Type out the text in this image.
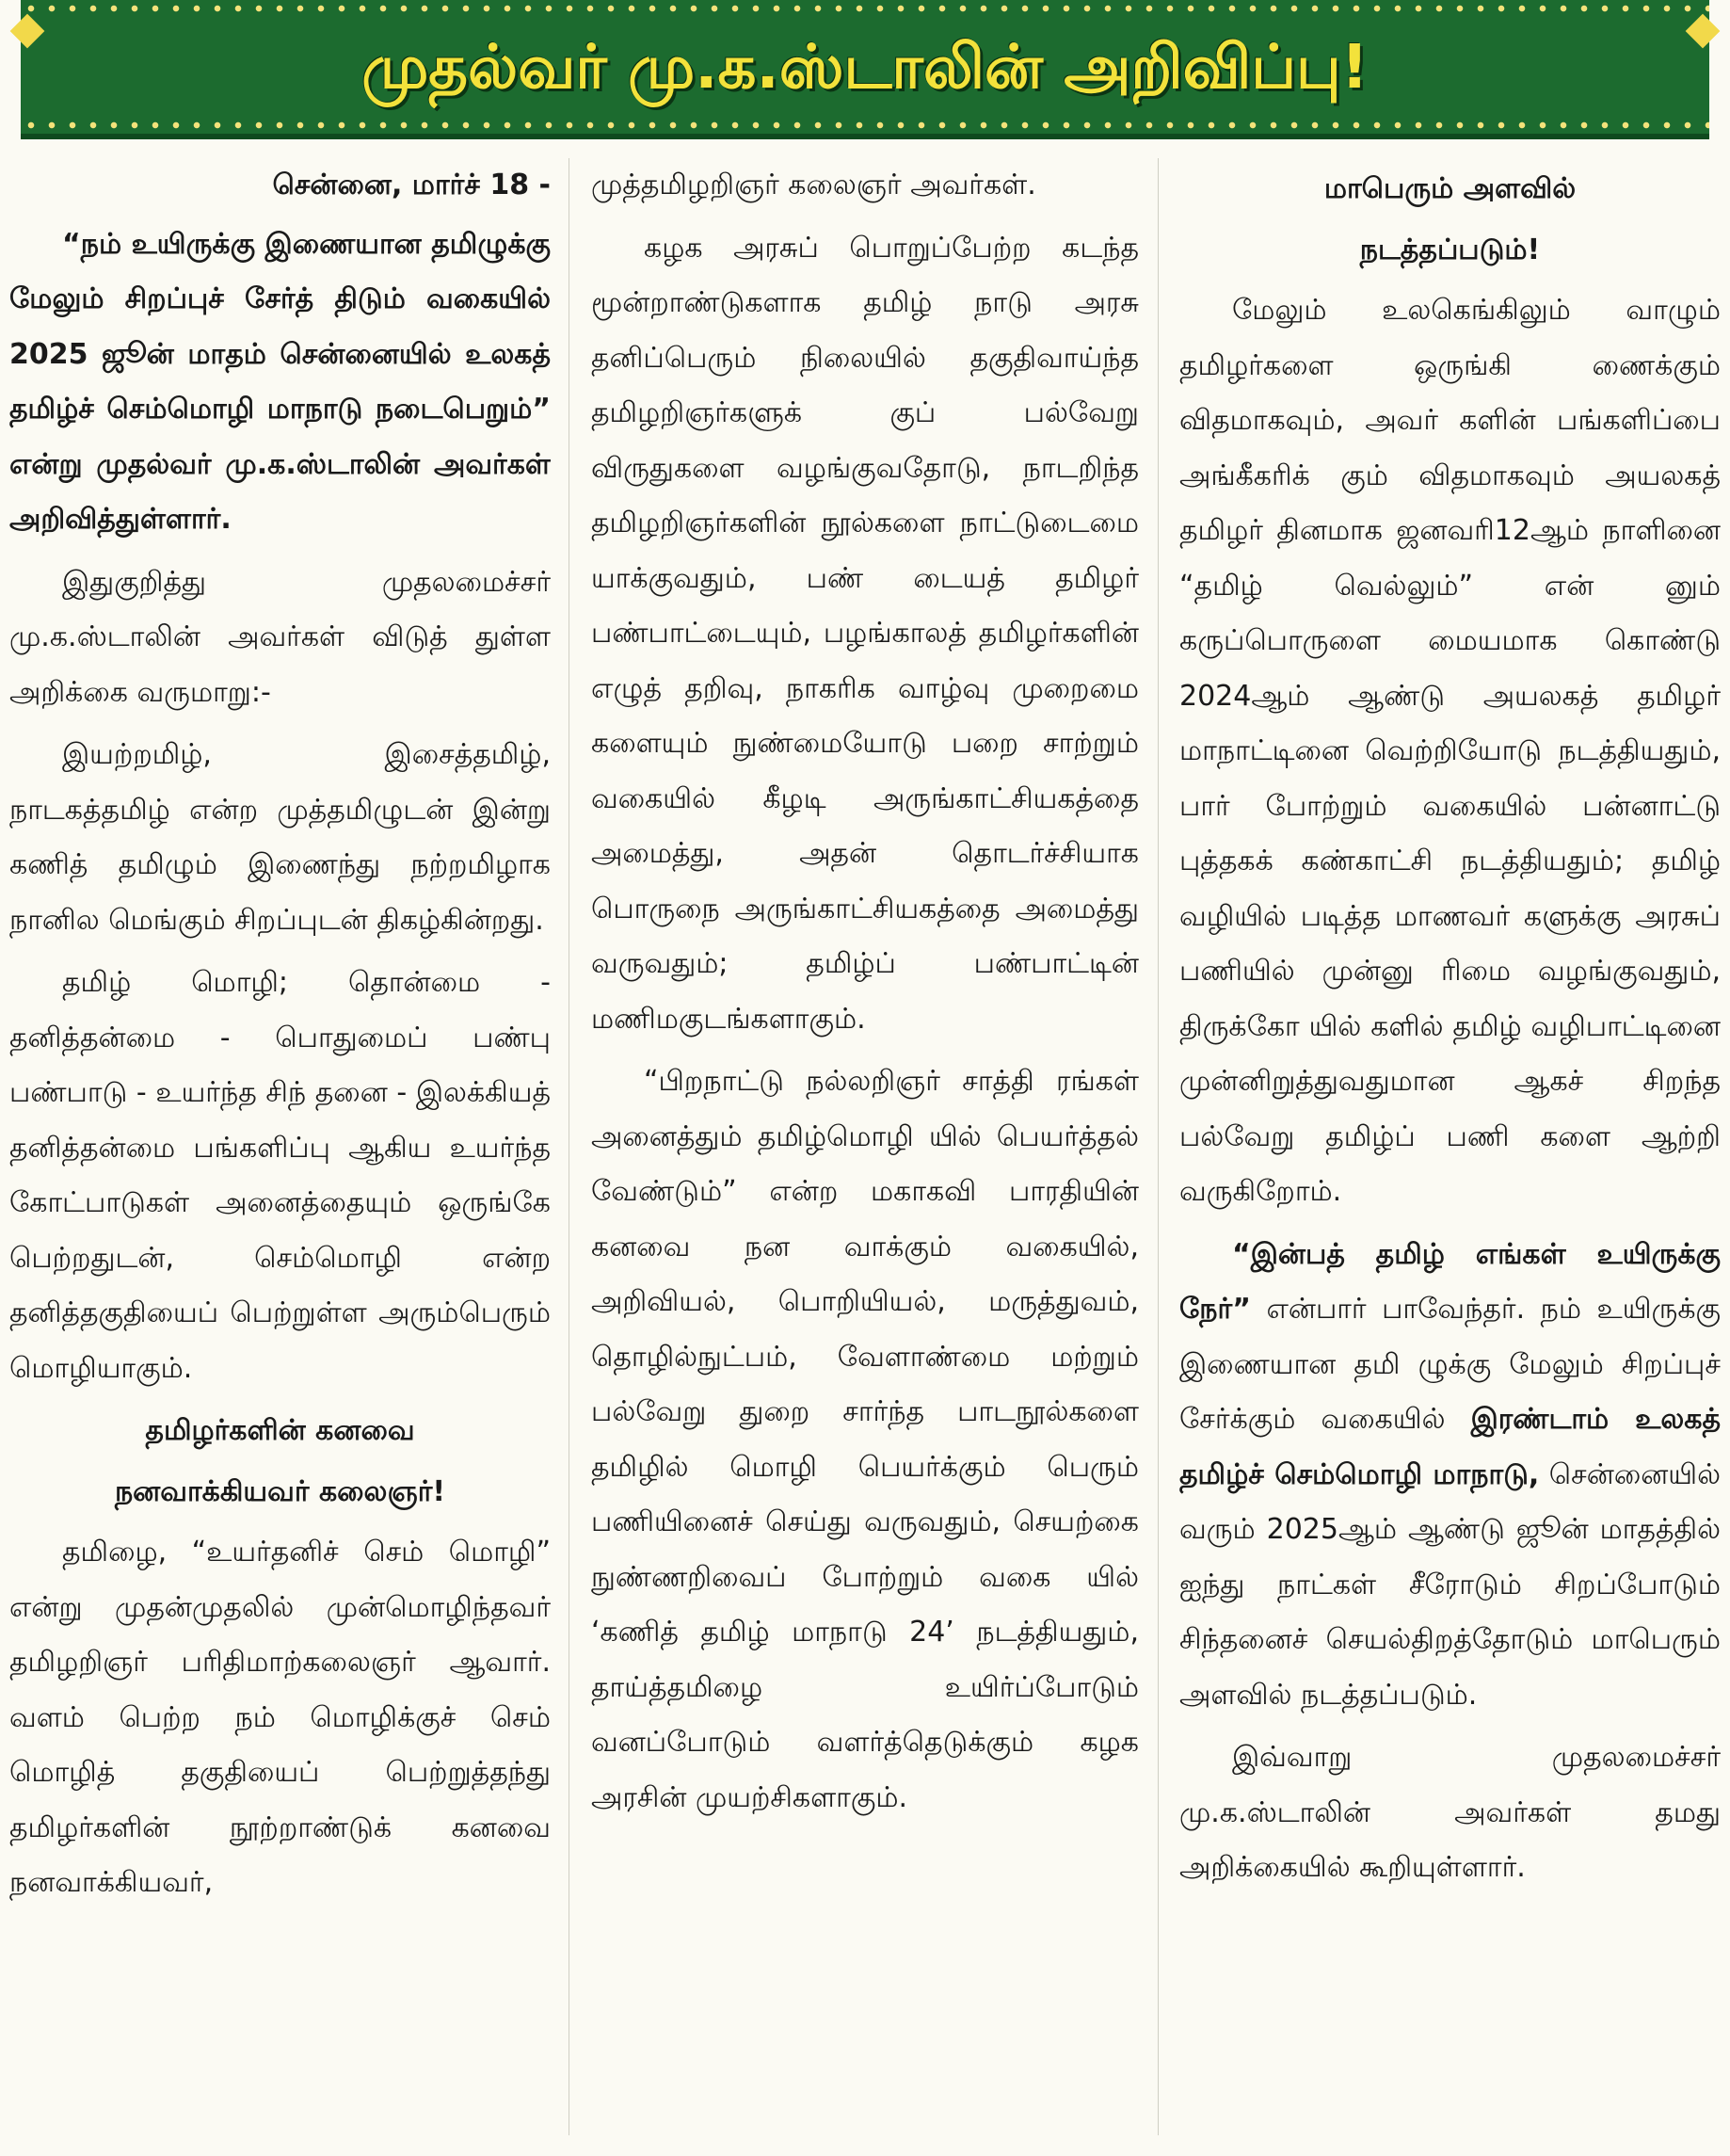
முதல்வர் மு.க.ஸ்டாலின் அறிவிப்பு!

சென்னை, மார்ச் 18 -

“நம் உயிருக்கு இணையான தமிழுக்கு மேலும் சிறப்புச் சேர்த் திடும் வகையில் 2025 ஜூன் மாதம் சென்னையில் உலகத் தமிழ்ச் செம்மொழி மாநாடு நடைபெறும்” என்று முதல்வர் மு.க.ஸ்டாலின் அவர்கள் அறிவித்துள்ளார்.

இதுகுறித்து முதலமைச்சர் மு.க.ஸ்டாலின் அவர்கள் விடுத் துள்ள அறிக்கை வருமாறு:-

இயற்றமிழ், இசைத்தமிழ், நாடகத்தமிழ் என்ற முத்தமிழுடன் இன்று கணித் தமிழும் இணைந்து நற்றமிழாக நானில மெங்கும் சிறப்புடன் திகழ்கின்றது.

தமிழ் மொழி; தொன்மை - தனித்தன்மை - பொதுமைப் பண்பு பண்பாடு - உயர்ந்த சிந் தனை - இலக்கியத் தனித்தன்மை பங்களிப்பு ஆகிய உயர்ந்த கோட்பாடுகள் அனைத்தையும் ஒருங்கே பெற்றதுடன், செம்மொழி என்ற தனித்தகுதியைப் பெற்றுள்ள அரும்பெரும் மொழியாகும்.

தமிழர்களின் கனவை

நனவாக்கியவர் கலைஞர்!

தமிழை, “உயர்தனிச் செம் மொழி” என்று முதன்முதலில் முன்மொழிந்தவர் தமிழறிஞர் பரிதிமாற்கலைஞர் ஆவார். வளம் பெற்ற நம் மொழிக்குச் செம் மொழித் தகுதியைப் பெற்றுத்தந்து தமிழர்களின் நூற்றாண்டுக் கனவை நனவாக்கியவர்,

முத்தமிழறிஞர் கலைஞர் அவர்கள்.

கழக அரசுப் பொறுப்பேற்ற கடந்த மூன்றாண்டுகளாக தமிழ் நாடு அரசு தனிப்பெரும் நிலையில் தகுதிவாய்ந்த தமிழறிஞர்களுக் குப் பல்வேறு விருதுகளை வழங்குவதோடு, நாடறிந்த தமிழறிஞர்களின் நூல்களை நாட்டுடைமை யாக்குவதும், பண் டையத் தமிழர் பண்பாட்டையும், பழங்காலத் தமிழர்களின் எழுத் தறிவு, நாகரிக வாழ்வு முறைமை களையும் நுண்மையோடு பறை சாற்றும் வகையில் கீழடி அருங்காட்சியகத்தை அமைத்து, அதன் தொடர்ச்சியாக பொருநை அருங்காட்சியகத்தை அமைத்து வருவதும்; தமிழ்ப் பண்பாட்டின் மணிமகுடங்களாகும்.

“பிறநாட்டு நல்லறிஞர் சாத்தி ரங்கள் அனைத்தும் தமிழ்மொழி யில் பெயர்த்தல் வேண்டும்” என்ற மகாகவி பாரதியின் கனவை நன வாக்கும் வகையில், அறிவியல், பொறியியல், மருத்துவம், தொழில்நுட்பம், வேளாண்மை மற்றும் பல்வேறு துறை சார்ந்த பாடநூல்களை தமிழில் மொழி பெயர்க்கும் பெரும் பணியினைச் செய்து வருவதும், செயற்கை நுண்ணறிவைப் போற்றும் வகை யில் ‘கணித் தமிழ் மாநாடு 24’ நடத்தியதும், தாய்த்தமிழை உயிர்ப்போடும் வனப்போடும் வளர்த்தெடுக்கும் கழக அரசின் முயற்சிகளாகும்.

மாபெரும் அளவில்

நடத்தப்படும்!

மேலும் உலகெங்கிலும் வாழும் தமிழர்களை ஒருங்கி ணைக்கும் விதமாகவும், அவர் களின் பங்களிப்பை அங்கீகரிக் கும் விதமாகவும் அயலகத் தமிழர் தினமாக ஜனவரி12ஆம் நாளினை “தமிழ் வெல்லும்” என் னும் கருப்பொருளை மையமாக கொண்டு 2024ஆம் ஆண்டு அயலகத் தமிழர் மாநாட்டினை வெற்றியோடு நடத்தியதும், பார் போற்றும் வகையில் பன்னாட்டு புத்தகக் கண்காட்சி நடத்தியதும்; தமிழ் வழியில் படித்த மாணவர் களுக்கு அரசுப் பணியில் முன்னு ரிமை வழங்குவதும், திருக்கோ யில் களில் தமிழ் வழிபாட்டினை முன்னிறுத்துவதுமான ஆகச் சிறந்த பல்வேறு தமிழ்ப் பணி களை ஆற்றி வருகிறோம்.

“இன்பத் தமிழ் எங்கள் உயிருக்கு நேர்” என்பார் பாவேந்தர். நம் உயிருக்கு இணையான தமி ழுக்கு மேலும் சிறப்புச் சேர்க்கும் வகையில் இரண்டாம் உலகத் தமிழ்ச் செம்மொழி மாநாடு, சென்னையில் வரும் 2025ஆம் ஆண்டு ஜூன் மாதத்தில் ஐந்து நாட்கள் சீரோடும் சிறப்போடும் சிந்தனைச் செயல்திறத்தோடும் மாபெரும் அளவில் நடத்தப்படும்.

இவ்வாறு முதலமைச்சர் மு.க.ஸ்டாலின் அவர்கள் தமது அறிக்கையில் கூறியுள்ளார்.
